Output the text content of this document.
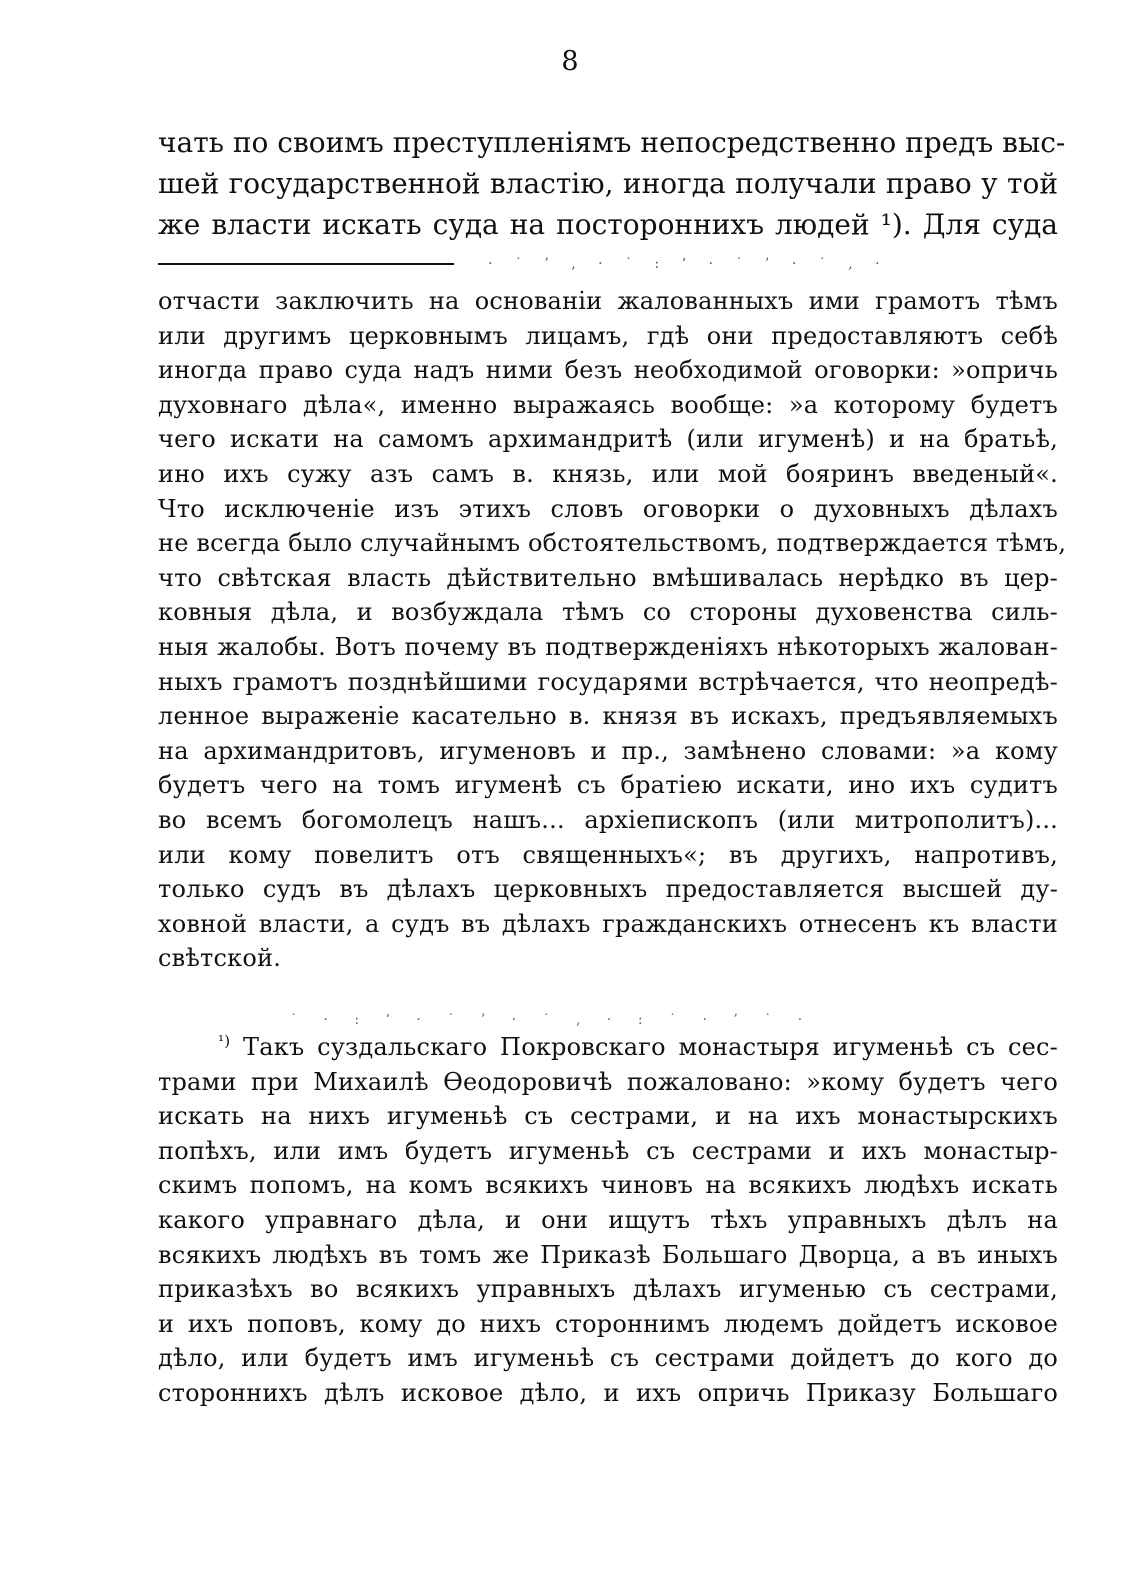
8
чать по своимъ преступленіямъ непосредственно предъ выс-
шей государственной властію, иногда получали право у той
же власти искать суда на постороннихъ людей ¹). Для суда
· ˙ ’ ‚ · ˙ : ‘ · ˙ ’ · ˙ ‚ ·
отчасти заключить на основаніи жалованныхъ ими грамотъ тѣмъ
или другимъ церковнымъ лицамъ, гдѣ они предоставляютъ себѣ
иногда право суда надъ ними безъ необходимой оговорки: »опричь
духовнаго дѣла«, именно выражаясь вообще: »а которому будетъ
чего искати на самомъ архимандритѣ (или игуменѣ) и на братьѣ,
ино ихъ сужу азъ самъ в. князь, или мой бояринъ введеный«.
Что исключеніе изъ этихъ словъ оговорки о духовныхъ дѣлахъ
не всегда было случайнымъ обстоятельствомъ, подтверждается тѣмъ,
что свѣтская власть дѣйствительно вмѣшивалась нерѣдко въ цер-
ковныя дѣла, и возбуждала тѣмъ со стороны духовенства силь-
ныя жалобы. Вотъ почему въ подтвержденіяхъ нѣкоторыхъ жалован-
ныхъ грамотъ позднѣйшими государями встрѣчается, что неопредѣ-
ленное выраженіе касательно в. князя въ искахъ, предъявляемыхъ
на архимандритовъ, игуменовъ и пр., замѣнено словами: »а кому
будетъ чего на томъ игуменѣ съ братіею искати, ино ихъ судитъ
во всемъ богомолецъ нашъ... архіепископъ (или митрополитъ)...
или кому повелитъ отъ священныхъ«; въ другихъ, напротивъ,
только судъ въ дѣлахъ церковныхъ предоставляется высшей ду-
ховной власти, а судъ въ дѣлахъ гражданскихъ отнесенъ къ власти
свѣтской.
˙ · : ‘ · ˙ ’ · ˙ ‚ · : ˙ · ’ ˙ ·
$^{^1)}$ Такъ суздальскаго Покровскаго монастыря игуменьѣ съ сес-
трами при Михаилѣ Ѳеодоровичѣ пожаловано: »кому будетъ чего
искать на нихъ игуменьѣ съ сестрами, и на ихъ монастырскихъ
попѣхъ, или имъ будетъ игуменьѣ съ сестрами и ихъ монастыр-
скимъ попомъ, на комъ всякихъ чиновъ на всякихъ людѣхъ искать
какого управнаго дѣла, и они ищутъ тѣхъ управныхъ дѣлъ на
всякихъ людѣхъ въ томъ же Приказѣ Большаго Дворца, а въ иныхъ
приказѣхъ во всякихъ управныхъ дѣлахъ игуменью съ сестрами,
и ихъ поповъ, кому до нихъ стороннимъ людемъ дойдетъ исковое
дѣло, или будетъ имъ игуменьѣ съ сестрами дойдетъ до кого до
стороннихъ дѣлъ исковое дѣло, и ихъ опричь Приказу Большаго
